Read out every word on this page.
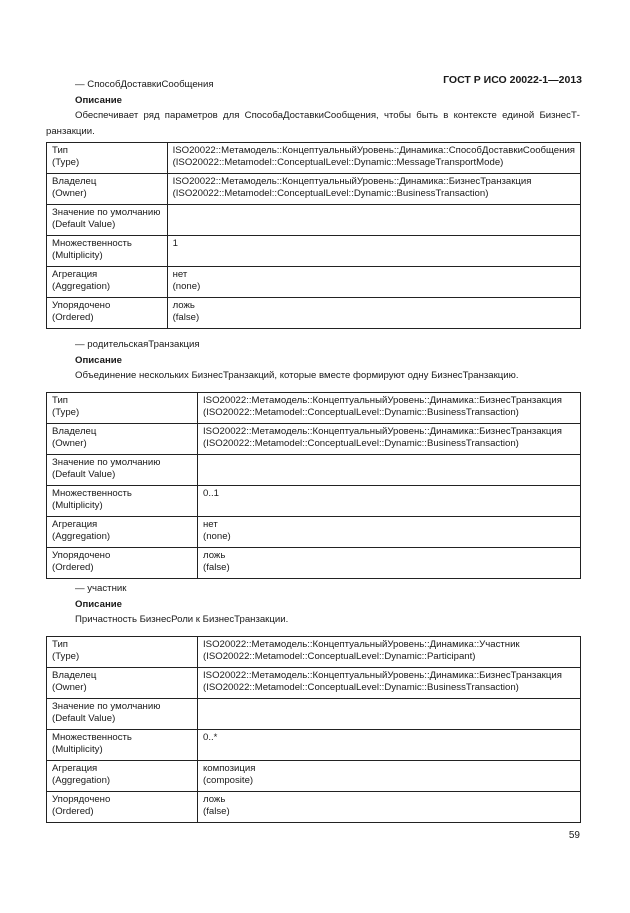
ГОСТ Р ИСО 20022-1—2013
— СпособДоставкиСообщения
Описание
Обеспечивает ряд параметров для СпособаДоставкиСообщения, чтобы быть в контексте единой БизнесТ-ранзакции.
Тип
(Type)	ISO20022::Метамодель::КонцептуальныйУровень::Динамика::СпособДоставкиСообщения
(ISO20022::Metamodel::ConceptualLevel::Dynamic::MessageTransportMode)
Владелец
(Owner)	ISO20022::Метамодель::КонцептуальныйУровень::Динамика::БизнесТранзакция
(ISO20022::Metamodel::ConceptualLevel::Dynamic::BusinessTransaction)
Значение по умолчанию
(Default Value)	

Множественность
(Multiplicity)	1

Агрегация
(Aggregation)	нет
(none)
Упорядочено
(Ordered)	ложь
(false)
— родительскаяТранзакция
Описание
Объединение нескольких БизнесТранзакций, которые вместе формируют одну БизнесТранзакцию.
Тип
(Type)	ISO20022::Метамодель::КонцептуальныйУровень::Динамика::БизнесТранзакция
(ISO20022::Metamodel::ConceptualLevel::Dynamic::BusinessTransaction)
Владелец
(Owner)	ISO20022::Метамодель::КонцептуальныйУровень::Динамика::БизнесТранзакция
(ISO20022::Metamodel::ConceptualLevel::Dynamic::BusinessTransaction)
Значение по умолчанию
(Default Value)	

Множественность
(Multiplicity)	0..1

Агрегация
(Aggregation)	нет
(none)
Упорядочено
(Ordered)	ложь
(false)
— участник
Описание
Причастность БизнесРоли к БизнесТранзакции.
Тип
(Type)	ISO20022::Метамодель::КонцептуальныйУровень::Динамика::Участник
(ISO20022::Metamodel::ConceptualLevel::Dynamic::Participant)
Владелец
(Owner)	ISO20022::Метамодель::КонцептуальныйУровень::Динамика::БизнесТранзакция
(ISO20022::Metamodel::ConceptualLevel::Dynamic::BusinessTransaction)
Значение по умолчанию
(Default Value)	

Множественность
(Multiplicity)	0..*

Агрегация
(Aggregation)	композиция
(composite)
Упорядочено
(Ordered)	ложь
(false)
59
